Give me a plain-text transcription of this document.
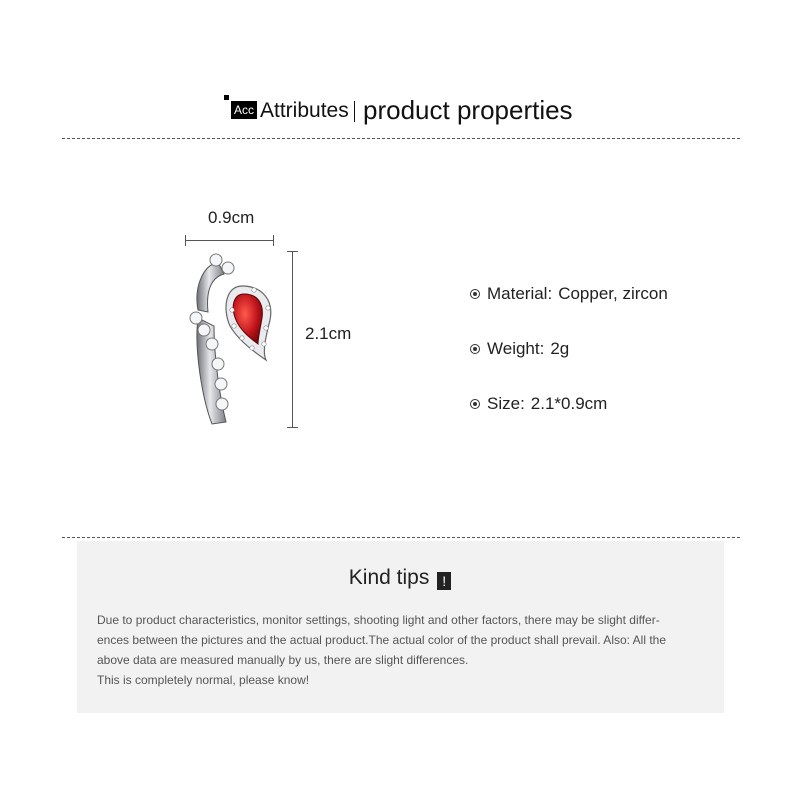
Acc Attributes product properties
0.9cm
2.1cm
Material: Copper, zircon
Weight: 2g
Size: 2.1*0.9cm
Kind tips !

Due to product characteristics, monitor settings, shooting light and other factors, there may be slight differ-

ences between the pictures and the actual product.The actual color of the product shall prevail. Also: All the

above data are measured manually by us, there are slight differences.

This is completely normal, please know!
